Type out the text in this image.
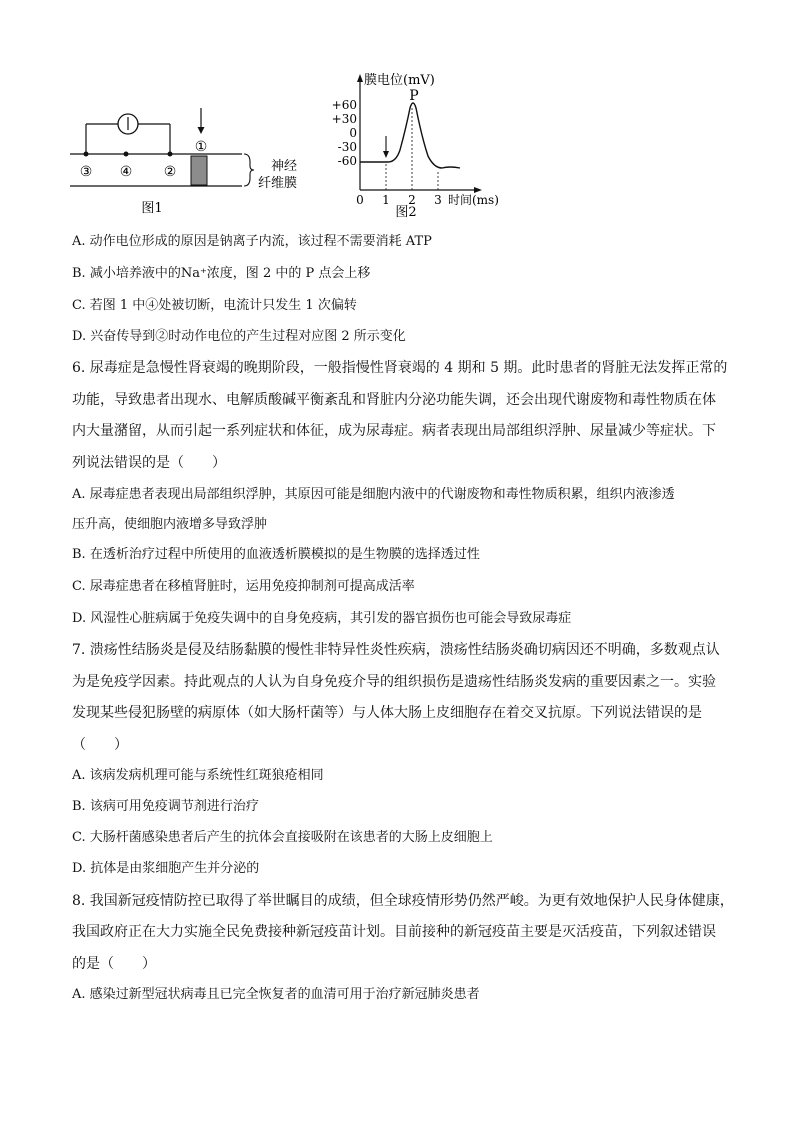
③ ④ ②
①
神经
纤维膜
图1
+60
+30
0
-30
-60
0 1 2 3
P
膜电位(mV)
时间(ms)
图2
A. 动作电位形成的原因是钠离子内流，该过程不需要消耗 ATP
B. 减小培养液中的Na⁺浓度，图 2 中的 P 点会上移
C. 若图 1 中④处被切断，电流计只发生 1 次偏转
D. 兴奋传导到②时动作电位的产生过程对应图 2 所示变化
6. 尿毒症是急慢性肾衰竭的晚期阶段，一般指慢性肾衰竭的 4 期和 5 期。此时患者的肾脏无法发挥正常的
功能，导致患者出现水、电解质酸碱平衡紊乱和肾脏内分泌功能失调，还会出现代谢废物和毒性物质在体
内大量潴留，从而引起一系列症状和体征，成为尿毒症。病者表现出局部组织浮肿、尿量减少等症状。下
列说法错误的是（　　）
A. 尿毒症患者表现出局部组织浮肿，其原因可能是细胞内液中的代谢废物和毒性物质积累，组织内液渗透
压升高，使细胞内液增多导致浮肿
B. 在透析治疗过程中所使用的血液透析膜模拟的是生物膜的选择透过性
C. 尿毒症患者在移植肾脏时，运用免疫抑制剂可提高成活率
D. 风湿性心脏病属于免疫失调中的自身免疫病，其引发的器官损伤也可能会导致尿毒症
7. 溃疡性结肠炎是侵及结肠黏膜的慢性非特异性炎性疾病，溃疡性结肠炎确切病因还不明确，多数观点认
为是免疫学因素。持此观点的人认为自身免疫介导的组织损伤是遗疡性结肠炎发病的重要因素之一。实验
发现某些侵犯肠壁的病原体（如大肠杆菌等）与人体大肠上皮细胞存在着交叉抗原。下列说法错误的是
（　　）
A. 该病发病机理可能与系统性红斑狼疮相同
B. 该病可用免疫调节剂进行治疗
C. 大肠杆菌感染患者后产生的抗体会直接吸附在该患者的大肠上皮细胞上
D. 抗体是由浆细胞产生并分泌的
8. 我国新冠疫情防控已取得了举世瞩目的成绩，但全球疫情形势仍然严峻。为更有效地保护人民身体健康，
我国政府正在大力实施全民免费接种新冠疫苗计划。目前接种的新冠疫苗主要是灭活疫苗，下列叙述错误
的是（　　）
A. 感染过新型冠状病毒且已完全恢复者的血清可用于治疗新冠肺炎患者
